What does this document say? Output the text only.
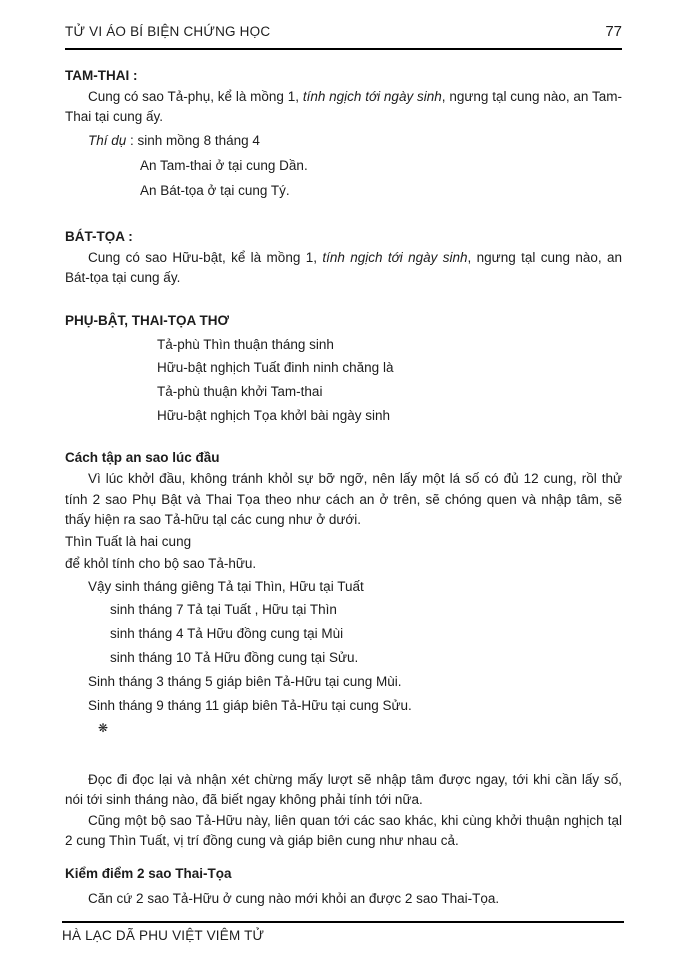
TỬ VI ÁO BÍ BIỆN CHỨNG HỌC	77

TAM-THAI :

Cung có sao Tả-phụ, kể là mồng 1, tính ngịch tới ngày sinh, ngưng tạl cung nào, an Tam-Thai tại cung ấy.

Thí dụ : sinh mồng 8 tháng 4

An Tam-thai ở tại cung Dần.

An Bát-tọa ở tại cung Tý.

BÁT-TỌA :

Cung có sao Hữu-bật, kể là mồng 1, tính ngịch tới ngày sinh, ngưng tạl cung nào, an Bát-tọa tại cung ấy.

PHỤ-BẬT, THAI-TỌA THƠ

Tả-phù Thìn thuận tháng sinh

Hữu-bật nghịch Tuất đinh ninh chăng là

Tả-phù thuận khởi Tam-thai

Hữu-bật nghịch Tọa khởl bài ngày sinh

Cách tập an sao lúc đầu

Vì lúc khởl đầu, không tránh khỏl sự bỡ ngỡ, nên lấy một lá số có đủ 12 cung, rồl thử tính 2 sao Phụ Bật và Thai Tọa theo như cách an ở trên, sẽ chóng quen và nhập tâm, sẽ thấy hiện ra sao Tả-hữu tạl các cung như ở dưới.

Thìn Tuất là hai cung

để khỏl tính cho bộ sao Tả-hữu.

Vậy sinh tháng giêng Tả tại Thìn, Hữu tại Tuất

sinh tháng 7 Tả tại Tuất , Hữu tại Thìn

sinh tháng 4 Tả Hữu đồng cung tại Mùi

sinh tháng 10 Tả Hữu đồng cung tại Sửu.

Sinh tháng 3 tháng 5 giáp biên Tả-Hữu tại cung Mùi.

Sinh tháng 9 tháng 11 giáp biên Tả-Hữu tại cung Sửu.

❋

Đọc đi đọc lại và nhận xét chừng mấy lượt sẽ nhập tâm được ngay, tới khi cần lấy số, nói tới sinh tháng nào, đã biết ngay không phải tính tới nữa.

Cũng một bộ sao Tả-Hữu này, liên quan tới các sao khác, khi cùng khởi thuận nghịch tạl 2 cung Thìn Tuất, vị trí đồng cung và giáp biên cung như nhau cả.

Kiểm điểm 2 sao Thai-Tọa

Căn cứ 2 sao Tả-Hữu ở cung nào mới khỏi an được 2 sao Thai-Tọa.

HÀ LẠC DÃ PHU VIỆT VIÊM TỬ
